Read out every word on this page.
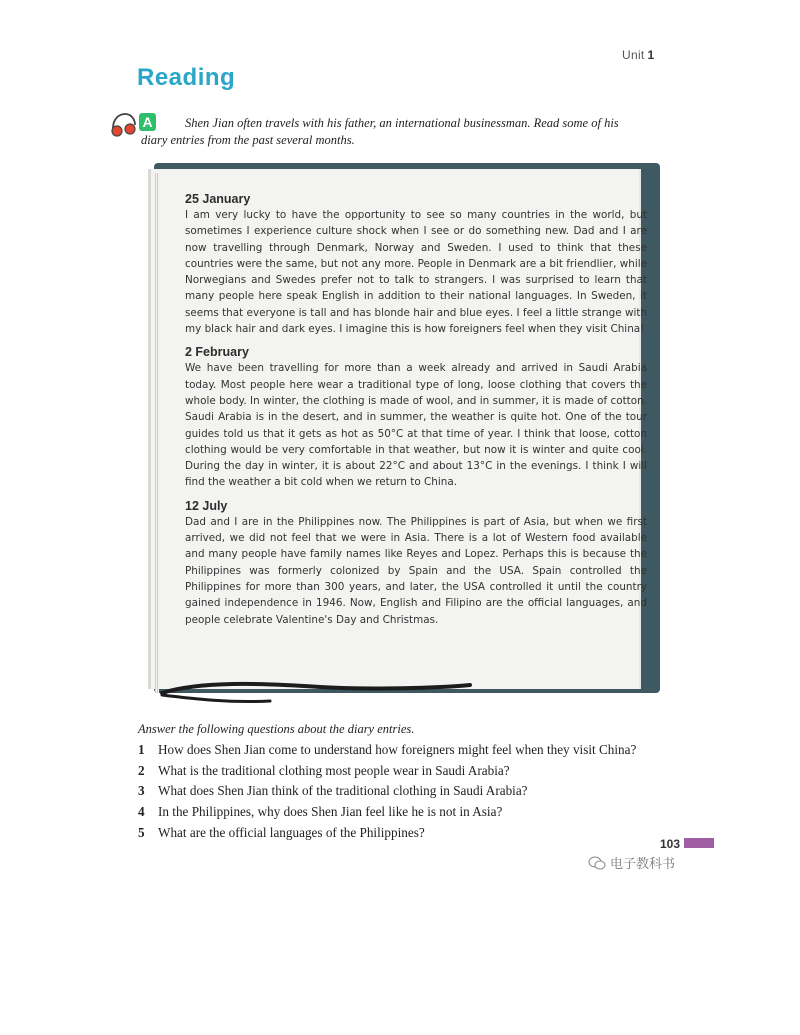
Unit 1
Reading
Shen Jian often travels with his father, an international businessman. Read some of his diary entries from the past several months.
A

25 January

I am very lucky to have the opportunity to see so many countries in the world, but sometimes I experience culture shock when I see or do something new. Dad and I are now travelling through Denmark, Norway and Sweden. I used to think that these countries were the same, but not any more. People in Denmark are a bit friendlier, while Norwegians and Swedes prefer not to talk to strangers. I was surprised to learn that many people here speak English in addition to their national languages. In Sweden, it seems that everyone is tall and has blonde hair and blue eyes. I feel a little strange with my black hair and dark eyes. I imagine this is how foreigners feel when they visit China!

2 February

We have been travelling for more than a week already and arrived in Saudi Arabia today. Most people here wear a traditional type of long, loose clothing that covers the whole body. In winter, the clothing is made of wool, and in summer, it is made of cotton. Saudi Arabia is in the desert, and in summer, the weather is quite hot. One of the tour guides told us that it gets as hot as 50°C at that time of year. I think that loose, cotton clothing would be very comfortable in that weather, but now it is winter and quite cool. During the day in winter, it is about 22°C and about 13°C in the evenings. I think I will find the weather a bit cold when we return to China.

12 July

Dad and I are in the Philippines now. The Philippines is part of Asia, but when we first arrived, we did not feel that we were in Asia. There is a lot of Western food available and many people have family names like Reyes and Lopez. Perhaps this is because the Philippines was formerly colonized by Spain and the USA. Spain controlled the Philippines for more than 300 years, and later, the USA controlled it until the country gained independence in 1946. Now, English and Filipino are the official languages, and people celebrate Valentine's Day and Christmas.

Answer the following questions about the diary entries.
1	How does Shen Jian come to understand how foreigners might feel when they visit China?
2	What is the traditional clothing most people wear in Saudi Arabia?
3	What does Shen Jian think of the traditional clothing in Saudi Arabia?
4	In the Philippines, why does Shen Jian feel like he is not in Asia?
5	What are the official languages of the Philippines?
103
电子教科书
